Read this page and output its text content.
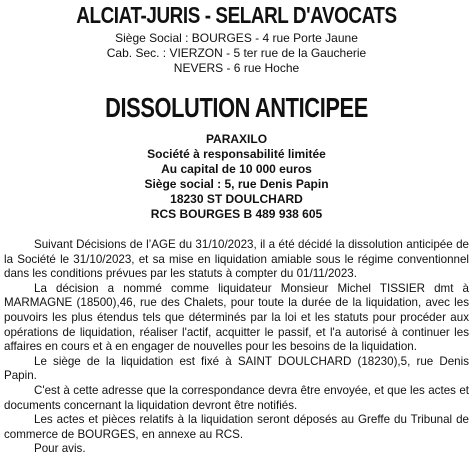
ALCIAT-JURIS - SELARL D'AVOCATS
Siège Social : BOURGES - 4 rue Porte Jaune
Cab. Sec. : VIERZON - 5 ter rue de la Gaucherie
NEVERS - 6 rue Hoche
DISSOLUTION ANTICIPEE
PARAXILO
Société à responsabilité limitée
Au capital de 10 000 euros
Siège social : 5, rue Denis Papin
18230 ST DOULCHARD
RCS BOURGES B 489 938 605

Suivant Décisions de l’AGE du 31/10/2023, il a été décidé la dissolution anticipée de la Société le 31/10/2023, et sa mise en liquidation amiable sous le régime conventionnel dans les conditions prévues par les statuts à compter du 01/11/2023.

La décision a nommé comme liquidateur Monsieur Michel TISSIER dmt à MARMAGNE (18500),46, rue des Chalets, pour toute la durée de la liquidation, avec les pouvoirs les plus étendus tels que déterminés par la loi et les statuts pour procéder aux opérations de liquidation, réaliser l'actif, acquitter le passif, et l'a autorisé à continuer les affaires en cours et à en engager de nouvelles pour les besoins de la liquidation.

Le siège de la liquidation est fixé à SAINT DOULCHARD (18230),5, rue Denis Papin.

C'est à cette adresse que la correspondance devra être envoyée, et que les actes et documents concernant la liquidation devront être notifiés.

Les actes et pièces relatifs à la liquidation seront déposés au Greffe du Tribunal de commerce de BOURGES, en annexe au RCS.

Pour avis.
